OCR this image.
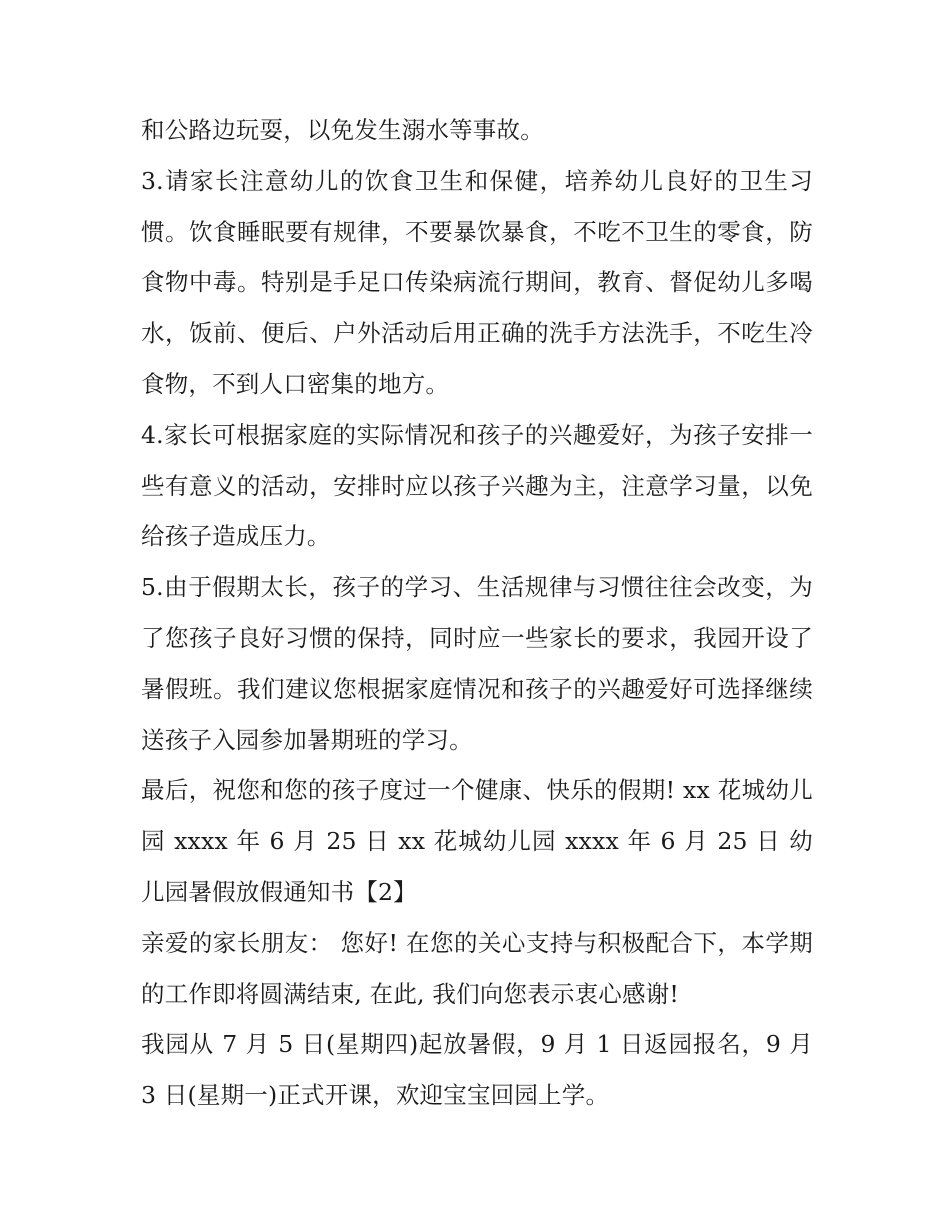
和公路边玩耍，以免发生溺水等事故。

3.请家长注意幼儿的饮食卫生和保健，培养幼儿良好的卫生习惯。饮食睡眠要有规律，不要暴饮暴食，不吃不卫生的零食，防食物中毒。特别是手足口传染病流行期间，教育、督促幼儿多喝水，饭前、便后、户外活动后用正确的洗手方法洗手，不吃生冷食物，不到人口密集的地方。

4.家长可根据家庭的实际情况和孩子的兴趣爱好，为孩子安排一些有意义的活动，安排时应以孩子兴趣为主，注意学习量，以免给孩子造成压力。

5.由于假期太长，孩子的学习、生活规律与习惯往往会改变，为了您孩子良好习惯的保持，同时应一些家长的要求，我园开设了暑假班。我们建议您根据家庭情况和孩子的兴趣爱好可选择继续送孩子入园参加暑期班的学习。

最后，祝您和您的孩子度过一个健康、快乐的假期! xx 花城幼儿园 xxxx 年 6 月 25 日 xx 花城幼儿园 xxxx 年 6 月 25 日 幼儿园暑假放假通知书【2】

亲爱的家长朋友： 您好! 在您的关心支持与积极配合下，本学期的工作即将圆满结束, 在此, 我们向您表示衷心感谢!

我园从 7 月 5 日(星期四)起放暑假，9 月 1 日返园报名，9 月 3 日(星期一)正式开课，欢迎宝宝回园上学。
